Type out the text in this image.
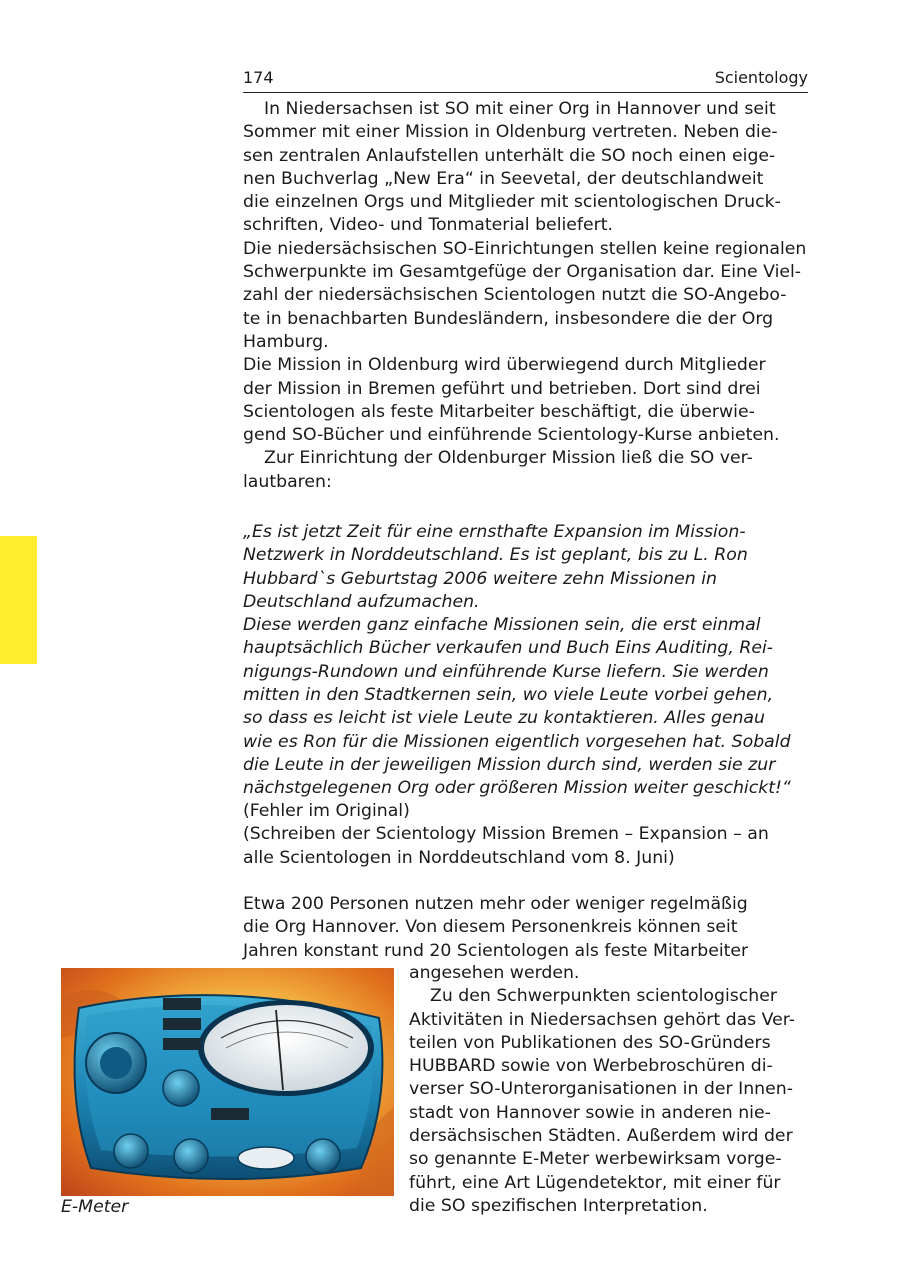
174	Scientology

In Niedersachsen ist SO mit einer Org in Hannover und seit

Sommer mit einer Mission in Oldenburg vertreten. Neben die-

sen zentralen Anlaufstellen unterhält die SO noch einen eige-

nen Buchverlag „New Era“ in Seevetal, der deutschlandweit

die einzelnen Orgs und Mitglieder mit scientologischen Druck-

schriften, Video- und Tonmaterial beliefert.

Die niedersächsischen SO-Einrichtungen stellen keine regionalen

Schwerpunkte im Gesamtgefüge der Organisation dar. Eine Viel-

zahl der niedersächsischen Scientologen nutzt die SO-Angebo-

te in benachbarten Bundesländern, insbesondere die der Org

Hamburg.

Die Mission in Oldenburg wird überwiegend durch Mitglieder

der Mission in Bremen geführt und betrieben. Dort sind drei

Scientologen als feste Mitarbeiter beschäftigt, die überwie-

gend SO-Bücher und einführende Scientology-Kurse anbieten.

Zur Einrichtung der Oldenburger Mission ließ die SO ver-

lautbaren:

„Es ist jetzt Zeit für eine ernsthafte Expansion im Mission-

Netzwerk in Norddeutschland. Es ist geplant, bis zu L. Ron

Hubbard`s Geburtstag 2006 weitere zehn Missionen in

Deutschland aufzumachen.

Diese werden ganz einfache Missionen sein, die erst einmal

hauptsächlich Bücher verkaufen und Buch Eins Auditing, Rei-

nigungs-Rundown und einführende Kurse liefern. Sie werden

mitten in den Stadtkernen sein, wo viele Leute vorbei gehen,

so dass es leicht ist viele Leute zu kontaktieren. Alles genau

wie es Ron für die Missionen eigentlich vorgesehen hat. Sobald

die Leute in der jeweiligen Mission durch sind, werden sie zur

nächstgelegenen Org oder größeren Mission weiter geschickt!“

(Fehler im Original)

(Schreiben der Scientology Mission Bremen – Expansion – an

alle Scientologen in Norddeutschland vom 8. Juni)

Etwa 200 Personen nutzen mehr oder weniger regelmäßig

die Org Hannover. Von diesem Personenkreis können seit

Jahren konstant rund 20 Scientologen als feste Mitarbeiter

angesehen werden.

Zu den Schwerpunkten scientologischer

Aktivitäten in Niedersachsen gehört das Ver-

teilen von Publikationen des SO-Gründers

HUBBARD sowie von Werbebroschüren di-

verser SO-Unterorganisationen in der Innen-

stadt von Hannover sowie in anderen nie-

dersächsischen Städten. Außerdem wird der

so genannte E-Meter werbewirksam vorge-

führt, eine Art Lügendetektor, mit einer für

die SO spezifischen Interpretation.

E-Meter
